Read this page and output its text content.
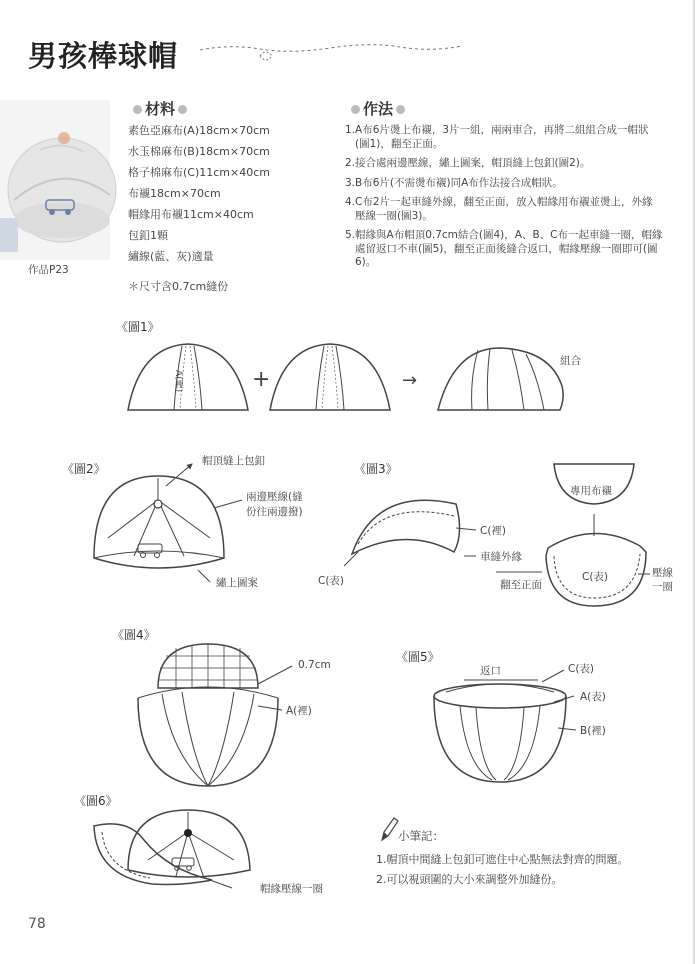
男孩棒球帽
作品P23
材料
素色亞麻布(A)18cm×70cm
水玉棉麻布(B)18cm×70cm
格子棉麻布(C)11cm×40cm
布襯18cm×70cm
帽緣用布襯11cm×40cm
包釦1顆
繡線(藍、灰)適量
＊尺寸含0.7cm縫份
作法
1.A布6片燙上布襯，3片一組，兩兩車合，再將二組組合成一帽狀(圖1)，翻至正面。
2.接合處兩邊壓線，繡上圖案，帽頂縫上包釦(圖2)。
3.B布6片(不需燙布襯)同A布作法接合成帽狀。
4.C布2片一起車縫外線，翻至正面，放入帽緣用布襯並燙上，外緣壓線一圈(圖3)。
5.帽緣與A布帽頂0.7cm結合(圖4)，A、B、C布一起車縫一圈，帽緣處留返口不車(圖5)，翻至正面後縫合返口，帽緣壓線一圈即可(圖6)。
《圖1》
A(裡)	+	→
組合
《圖2》
帽頂縫上包釦
兩邊壓線(縫
份往兩邊撥)
繡上圖案
《圖3》
C(裡)
車縫外緣
C(表)	翻至正面
專用布襯
C(表)	壓線
一圈
《圖4》
0.7cm
A(裡)
《圖5》
返口	C(表)
A(表)
B(裡)
《圖6》
帽緣壓線一圈
小筆記：
1.帽頂中間縫上包釦可遮住中心點無法對齊的問題。
2.可以視頭圍的大小來調整外加縫份。
78
